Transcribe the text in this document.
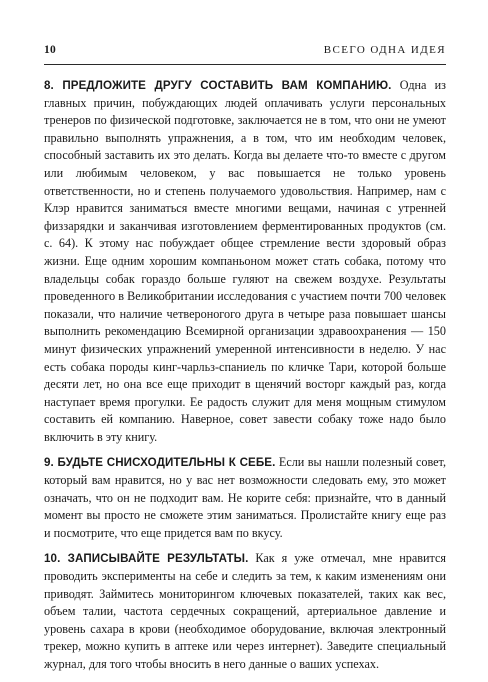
10	ВСЕГО ОДНА ИДЕЯ

8. ПРЕДЛОЖИТЕ ДРУГУ СОСТАВИТЬ ВАМ КОМПАНИЮ. Одна из главных причин, побуждающих людей оплачивать услуги персональных тренеров по физической подготовке, заключается не в том, что они не умеют правильно выполнять упражнения, а в том, что им необходим человек, способный заставить их это делать. Когда вы делаете что-то вместе с другом или любимым человеком, у вас повышается не только уровень ответственности, но и степень получаемого удовольствия. Например, нам с Клэр нравится заниматься вместе многими вещами, начиная с утренней физзарядки и заканчивая изготовлением ферментированных продуктов (см. с. 64). К этому нас побуждает общее стремление вести здоровый образ жизни. Еще одним хорошим компаньоном может стать собака, потому что владельцы собак гораздо больше гуляют на свежем воздухе. Результаты проведенного в Великобритании исследования с участием почти 700 человек показали, что наличие четвероногого друга в четыре раза повышает шансы выполнить рекомендацию Всемирной организации здравоохранения — 150 минут физических упражнений умеренной интенсивности в неделю. У нас есть собака породы кинг-чарльз-спаниель по кличке Тари, которой больше десяти лет, но она все еще приходит в щенячий восторг каждый раз, когда наступает время прогулки. Ее радость служит для меня мощным стимулом составить ей компанию. Наверное, совет завести собаку тоже надо было включить в эту книгу.

9. БУДЬТЕ СНИСХОДИТЕЛЬНЫ К СЕБЕ. Если вы нашли полезный совет, который вам нравится, но у вас нет возможности следовать ему, это может означать, что он не подходит вам. Не корите себя: признайте, что в данный момент вы просто не сможете этим заниматься. Пролистайте книгу еще раз и посмотрите, что еще придется вам по вкусу.

10. ЗАПИСЫВАЙТЕ РЕЗУЛЬТАТЫ. Как я уже отмечал, мне нравится проводить эксперименты на себе и следить за тем, к каким изменениям они приводят. Займитесь мониторингом ключевых показателей, таких как вес, объем талии, частота сердечных сокращений, артериальное давление и уровень сахара в крови (необходимое оборудование, включая электронный трекер, можно купить в аптеке или через интернет). Заведите специальный журнал, для того чтобы вносить в него данные о ваших успехах.
